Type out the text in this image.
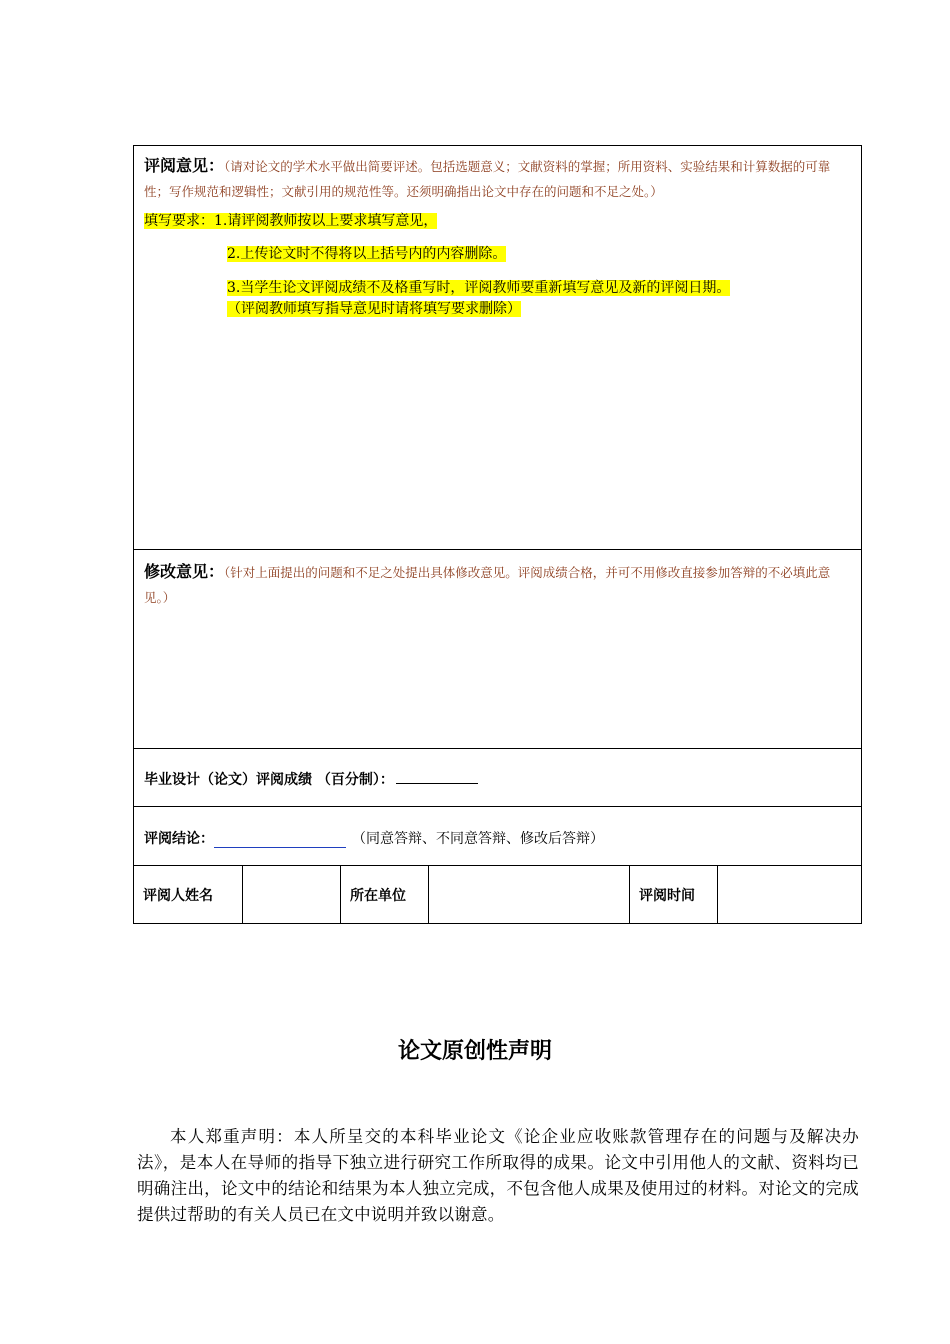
评阅意见：（请对论文的学术水平做出简要评述。包括选题意义；文献资料的掌握；所用资料、实验结果和计算数据的可靠性；写作规范和逻辑性；文献引用的规范性等。还须明确指出论文中存在的问题和不足之处。）
填写要求：1.请评阅教师按以上要求填写意见，
2.上传论文时不得将以上括号内的内容删除。
3.当学生论文评阅成绩不及格重写时，评阅教师要重新填写意见及新的评阅日期。
（评阅教师填写指导意见时请将填写要求删除）
修改意见：（针对上面提出的问题和不足之处提出具体修改意见。评阅成绩合格，并可不用修改直接参加答辩的不必填此意见。）
毕业设计（论文）评阅成绩 （百分制）：
评阅结论：	（同意答辩、不同意答辩、修改后答辩）
评阅人姓名	所在单位	评阅时间
论文原创性声明
本人郑重声明：本人所呈交的本科毕业论文《论企业应收账款管理存在的问题与及解决办法》，是本人在导师的指导下独立进行研究工作所取得的成果。论文中引用他人的文献、资料均已明确注出，论文中的结论和结果为本人独立完成，不包含他人成果及使用过的材料。对论文的完成提供过帮助的有关人员已在文中说明并致以谢意。
